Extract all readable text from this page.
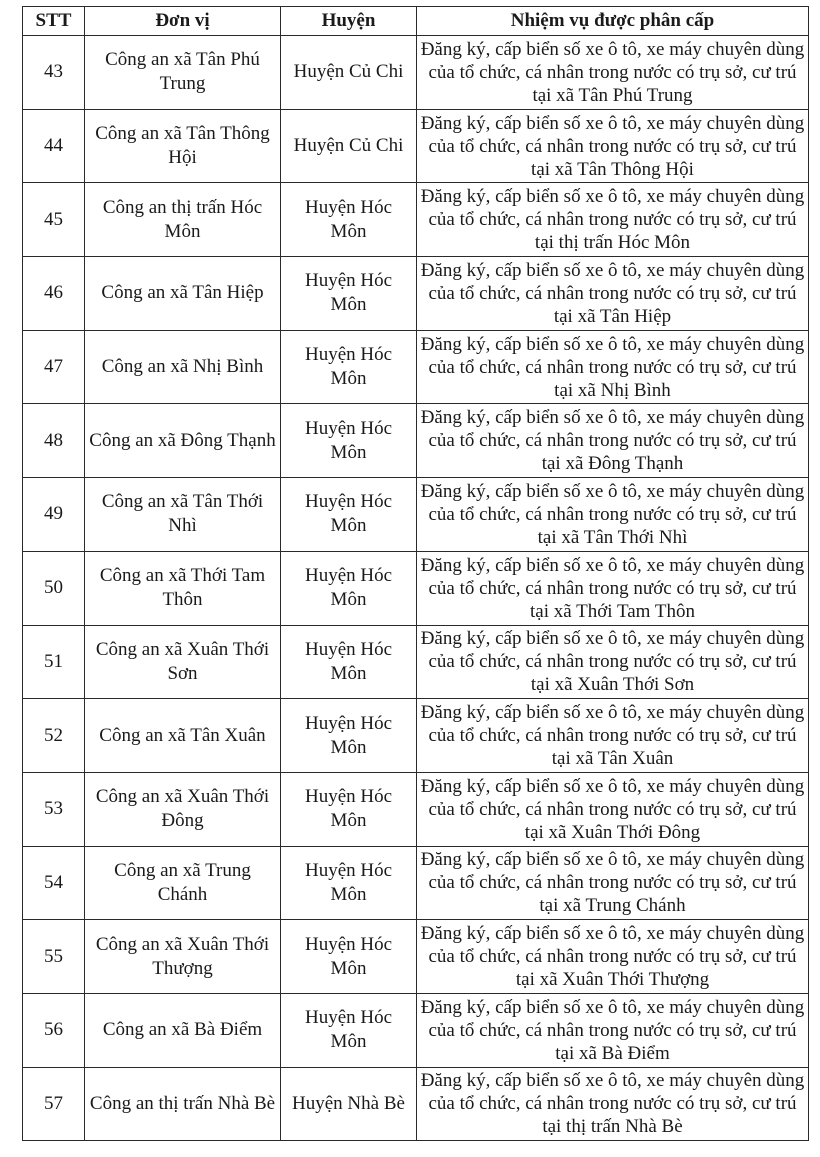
STT	Đơn vị	Huyện	Nhiệm vụ được phân cấp
43	Công an xã Tân Phú Trung	Huyện Củ Chi	Đăng ký, cấp biển số xe ô tô, xe máy chuyên dùng của tổ chức, cá nhân trong nước có trụ sở, cư trú tại xã Tân Phú Trung
44	Công an xã Tân Thông Hội	Huyện Củ Chi	Đăng ký, cấp biển số xe ô tô, xe máy chuyên dùng của tổ chức, cá nhân trong nước có trụ sở, cư trú tại xã Tân Thông Hội
45	Công an thị trấn Hóc Môn	Huyện Hóc Môn	Đăng ký, cấp biển số xe ô tô, xe máy chuyên dùng của tổ chức, cá nhân trong nước có trụ sở, cư trú tại thị trấn Hóc Môn
46	Công an xã Tân Hiệp	Huyện Hóc Môn	Đăng ký, cấp biển số xe ô tô, xe máy chuyên dùng của tổ chức, cá nhân trong nước có trụ sở, cư trú tại xã Tân Hiệp
47	Công an xã Nhị Bình	Huyện Hóc Môn	Đăng ký, cấp biển số xe ô tô, xe máy chuyên dùng của tổ chức, cá nhân trong nước có trụ sở, cư trú tại xã Nhị Bình
48	Công an xã Đông Thạnh	Huyện Hóc Môn	Đăng ký, cấp biển số xe ô tô, xe máy chuyên dùng của tổ chức, cá nhân trong nước có trụ sở, cư trú tại xã Đông Thạnh
49	Công an xã Tân Thới Nhì	Huyện Hóc Môn	Đăng ký, cấp biển số xe ô tô, xe máy chuyên dùng của tổ chức, cá nhân trong nước có trụ sở, cư trú tại xã Tân Thới Nhì
50	Công an xã Thới Tam Thôn	Huyện Hóc Môn	Đăng ký, cấp biển số xe ô tô, xe máy chuyên dùng của tổ chức, cá nhân trong nước có trụ sở, cư trú tại xã Thới Tam Thôn
51	Công an xã Xuân Thới Sơn	Huyện Hóc Môn	Đăng ký, cấp biển số xe ô tô, xe máy chuyên dùng của tổ chức, cá nhân trong nước có trụ sở, cư trú tại xã Xuân Thới Sơn
52	Công an xã Tân Xuân	Huyện Hóc Môn	Đăng ký, cấp biển số xe ô tô, xe máy chuyên dùng của tổ chức, cá nhân trong nước có trụ sở, cư trú tại xã Tân Xuân
53	Công an xã Xuân Thới Đông	Huyện Hóc Môn	Đăng ký, cấp biển số xe ô tô, xe máy chuyên dùng của tổ chức, cá nhân trong nước có trụ sở, cư trú tại xã Xuân Thới Đông
54	Công an xã Trung Chánh	Huyện Hóc Môn	Đăng ký, cấp biển số xe ô tô, xe máy chuyên dùng của tổ chức, cá nhân trong nước có trụ sở, cư trú tại xã Trung Chánh
55	Công an xã Xuân Thới Thượng	Huyện Hóc Môn	Đăng ký, cấp biển số xe ô tô, xe máy chuyên dùng của tổ chức, cá nhân trong nước có trụ sở, cư trú tại xã Xuân Thới Thượng
56	Công an xã Bà Điểm	Huyện Hóc Môn	Đăng ký, cấp biển số xe ô tô, xe máy chuyên dùng của tổ chức, cá nhân trong nước có trụ sở, cư trú tại xã Bà Điểm
57	Công an thị trấn Nhà Bè	Huyện Nhà Bè	Đăng ký, cấp biển số xe ô tô, xe máy chuyên dùng của tổ chức, cá nhân trong nước có trụ sở, cư trú tại thị trấn Nhà Bè
